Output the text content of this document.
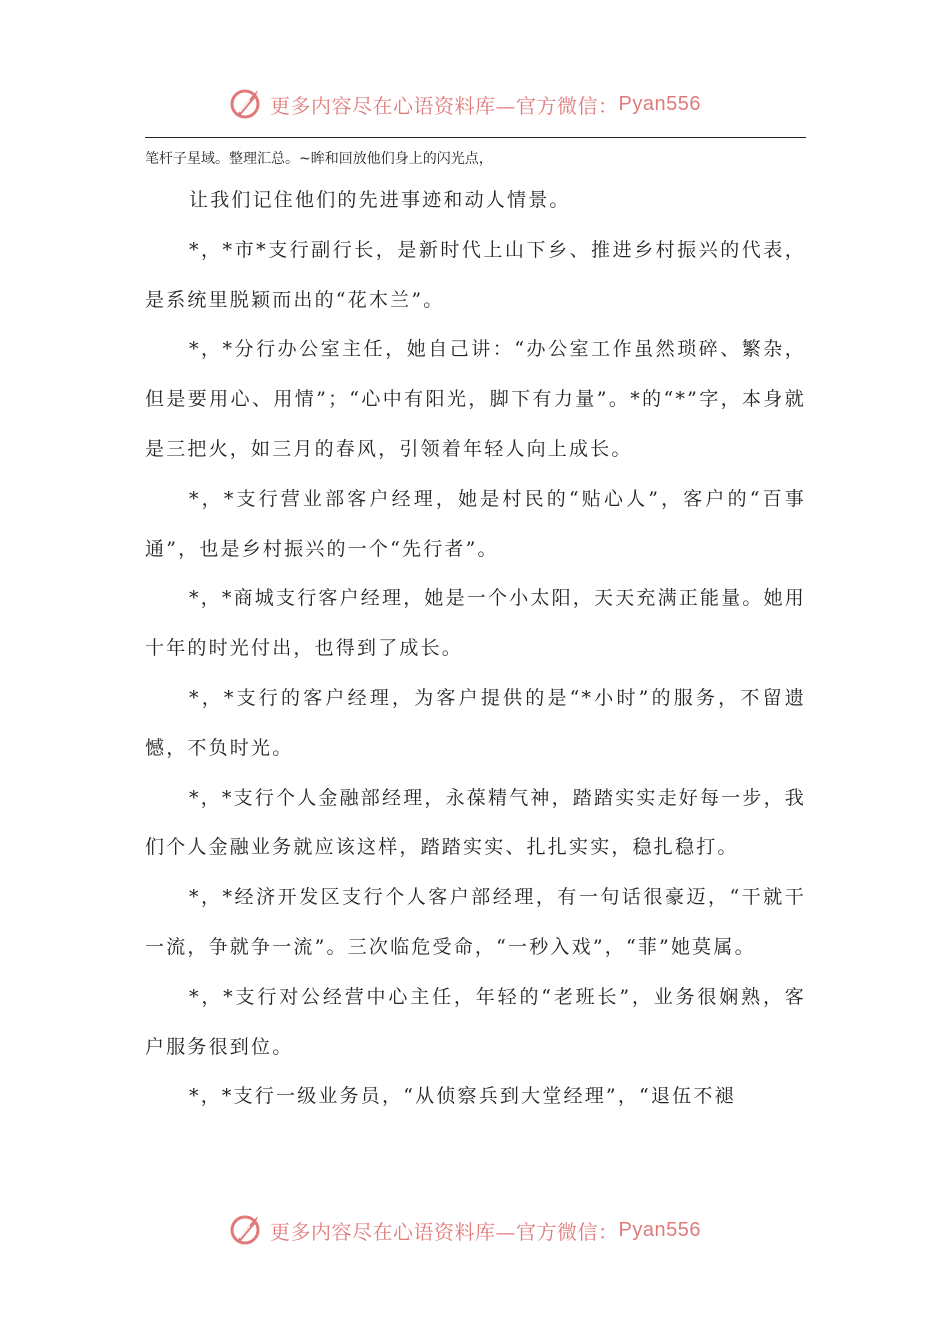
更多内容尽在心语资料库—官方微信： Pyan556
笔杆子星域。整理汇总。~眸和回放他们身上的闪光点，

让我们记住他们的先进事迹和动人情景。

*，*市*支行副行长，是新时代上山下乡、推进乡村振兴的代表，是系统里脱颖而出的“花木兰”。

*，*分行办公室主任，她自己讲：“办公室工作虽然琐碎、繁杂，但是要用心、用情”；“心中有阳光，脚下有力量”。*的“*”字，本身就是三把火，如三月的春风，引领着年轻人向上成长。

*，*支行营业部客户经理，她是村民的“贴心人”，客户的“百事通”，也是乡村振兴的一个“先行者”。

*，*商城支行客户经理，她是一个小太阳，天天充满正能量。她用十年的时光付出，也得到了成长。

*，*支行的客户经理，为客户提供的是“*小时”的服务，不留遗憾，不负时光。

*，*支行个人金融部经理，永葆精气神，踏踏实实走好每一步，我们个人金融业务就应该这样，踏踏实实、扎扎实实，稳扎稳打。

*，*经济开发区支行个人客户部经理，有一句话很豪迈，“干就干一流，争就争一流”。三次临危受命，“一秒入戏”，“菲”她莫属。

*，*支行对公经营中心主任，年轻的“老班长”，业务很娴熟，客户服务很到位。

*，*支行一级业务员，“从侦察兵到大堂经理”，“退伍不褪

更多内容尽在心语资料库—官方微信： Pyan556
